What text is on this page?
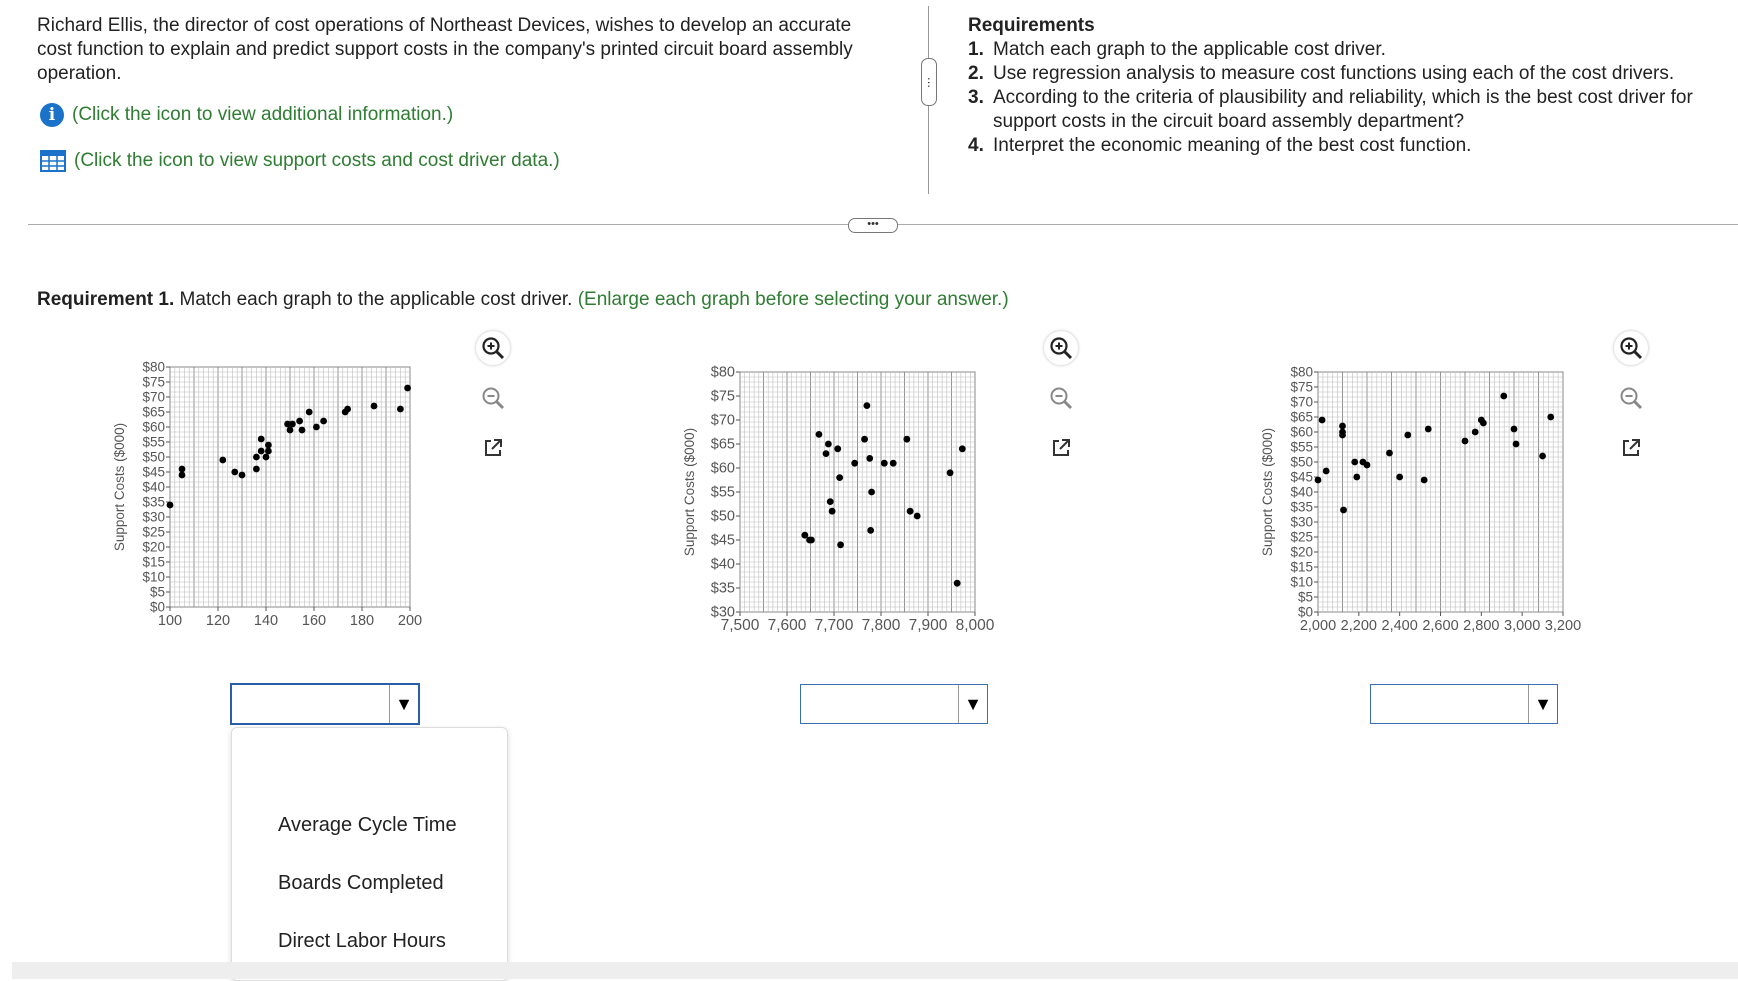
Richard Ellis, the director of cost operations of Northeast Devices, wishes to develop an accurate
cost function to explain and predict support costs in the company's printed circuit board assembly
operation.
i (Click the icon to view additional information.)
(Click the icon to view support costs and cost driver data.)
⋯
Requirements
1. Match each graph to the applicable cost driver.
2. Use regression analysis to measure cost functions using each of the cost drivers.
3. According to the criteria of plausibility and reliability, which is the best cost driver for
support costs in the circuit board assembly department?
4. Interpret the economic meaning of the best cost function.
•••
Requirement 1. Match each graph to the applicable cost driver. (Enlarge each graph before selecting your answer.)
$0
$5
$10
$15
$20
$25
$30
$35
$40
$45
$50
$55
$60
$65
$70
$75
$80
100 120 140 160 180 200
Support Costs ($000)
$30
$35
$40
$45
$50
$55
$60
$65
$70
$75
$80
7,500 7,600 7,700 7,800 7,900 8,000
Support Costs ($000)
$0
$5
$10
$15
$20
$25
$30
$35
$40
$45
$50
$55
$60
$65
$70
$75
$80
2,000 2,200 2,400 2,600 2,800 3,000 3,200
Support Costs ($000)
▼	▼	▼
Average Cycle Time
Boards Completed
Direct Labor Hours
